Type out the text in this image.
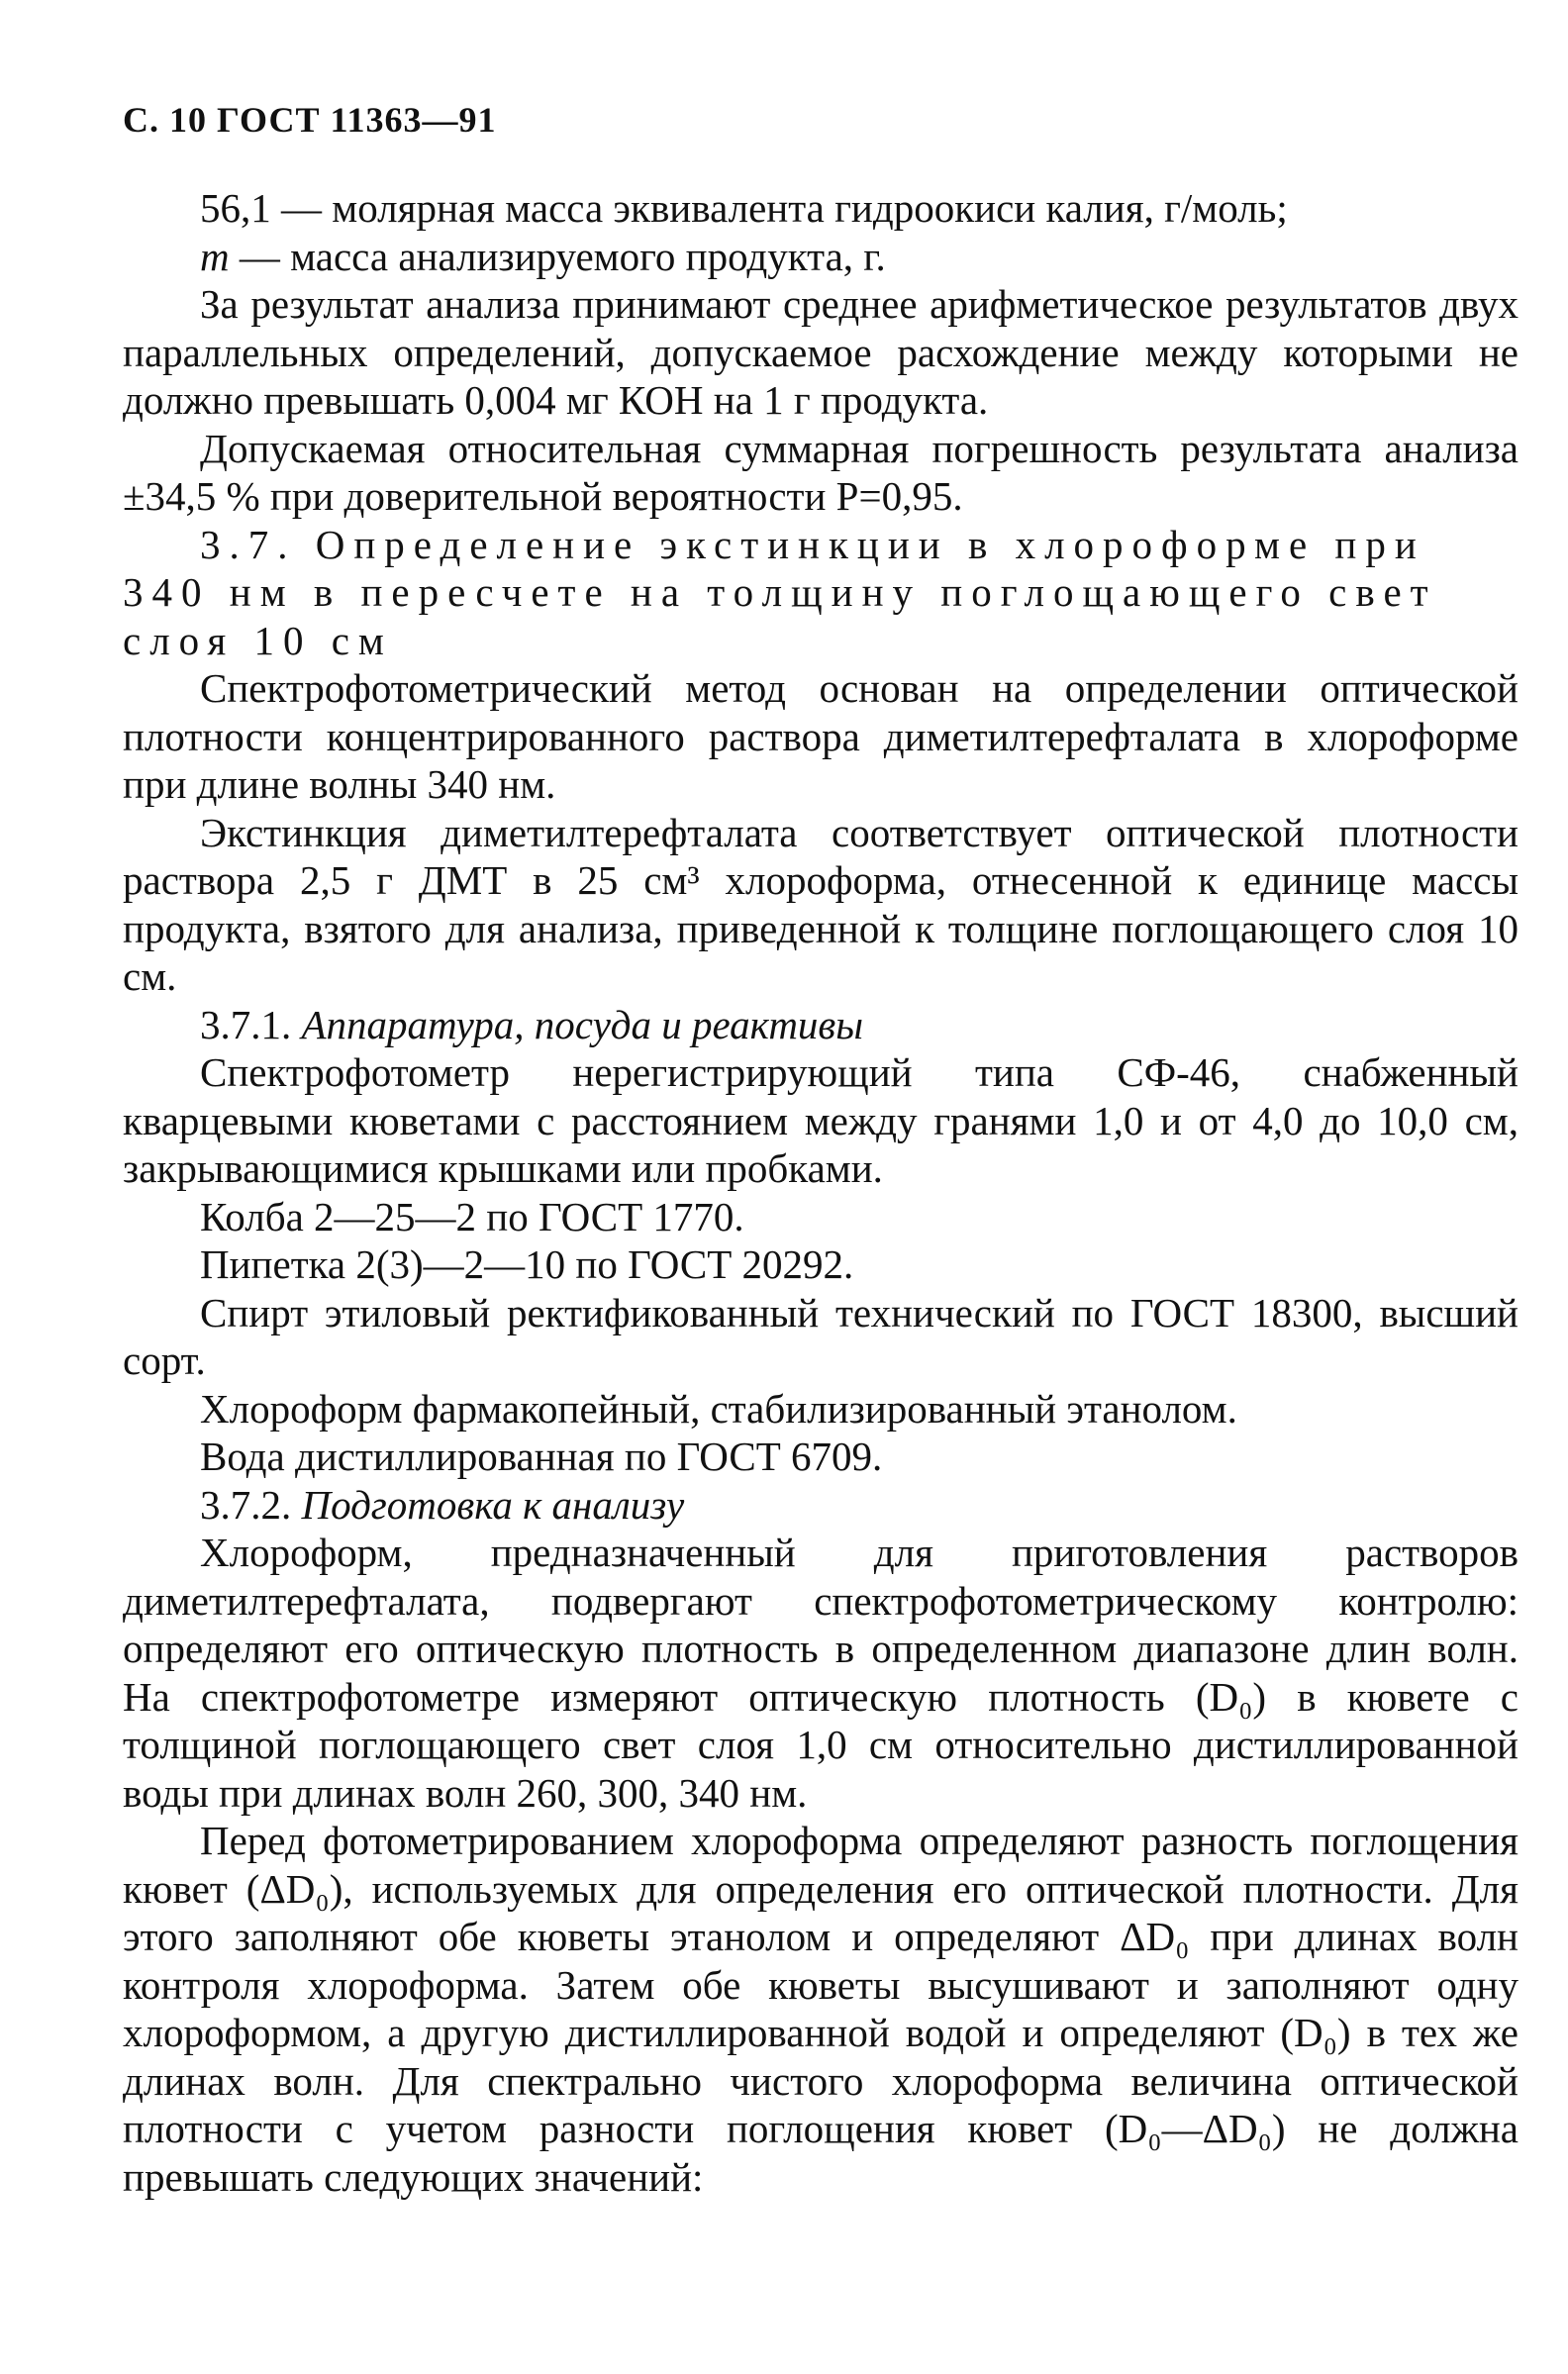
С. 10 ГОСТ 11363—91

56,1 — молярная масса эквивалента гидроокиси калия, г/моль;

m — масса анализируемого продукта, г.

За результат анализа принимают среднее арифметическое результатов двух параллельных определений, допускаемое расхождение между которыми не должно превышать 0,004 мг КОН на 1 г продукта.

Допускаемая относительная суммарная погрешность результата анализа ±34,5 % при доверительной вероятности P=0,95.

3.7. Определение экстинкции в хлороформе при 340 нм в пересчете на толщину поглощающего свет слоя 10 см

Спектрофотометрический метод основан на определении оптической плотности концентрированного раствора диметилтерефталата в хлороформе при длине волны 340 нм.

Экстинкция диметилтерефталата соответствует оптической плотности раствора 2,5 г ДМТ в 25 см³ хлороформа, отнесенной к единице массы продукта, взятого для анализа, приведенной к толщине поглощающего слоя 10 см.

3.7.1. Аппаратура, посуда и реактивы

Спектрофотометр нерегистрирующий типа СФ-46, снабженный кварцевыми кюветами с расстоянием между гранями 1,0 и от 4,0 до 10,0 см, закрывающимися крышками или пробками.

Колба 2—25—2 по ГОСТ 1770.

Пипетка 2(3)—2—10 по ГОСТ 20292.

Спирт этиловый ректификованный технический по ГОСТ 18300, высший сорт.

Хлороформ фармакопейный, стабилизированный этанолом.

Вода дистиллированная по ГОСТ 6709.

3.7.2. Подготовка к анализу

Хлороформ, предназначенный для приготовления растворов диметилтерефталата, подвергают спектрофотометрическому контролю: определяют его оптическую плотность в определенном диапазоне длин волн. На спектрофотометре измеряют оптическую плотность (D₀) в кювете с толщиной поглощающего свет слоя 1,0 см относительно дистиллированной воды при длинах волн 260, 300, 340 нм.

Перед фотометрированием хлороформа определяют разность поглощения кювет (ΔD₀), используемых для определения его оптической плотности. Для этого заполняют обе кюветы этанолом и определяют ΔD₀ при длинах волн контроля хлороформа. Затем обе кюветы высушивают и заполняют одну хлороформом, а другую дистиллированной водой и определяют (D₀) в тех же длинах волн. Для спектрально чистого хлороформа величина оптической плотности с учетом разности поглощения кювет (D₀—ΔD₀) не должна превышать следующих значений:
